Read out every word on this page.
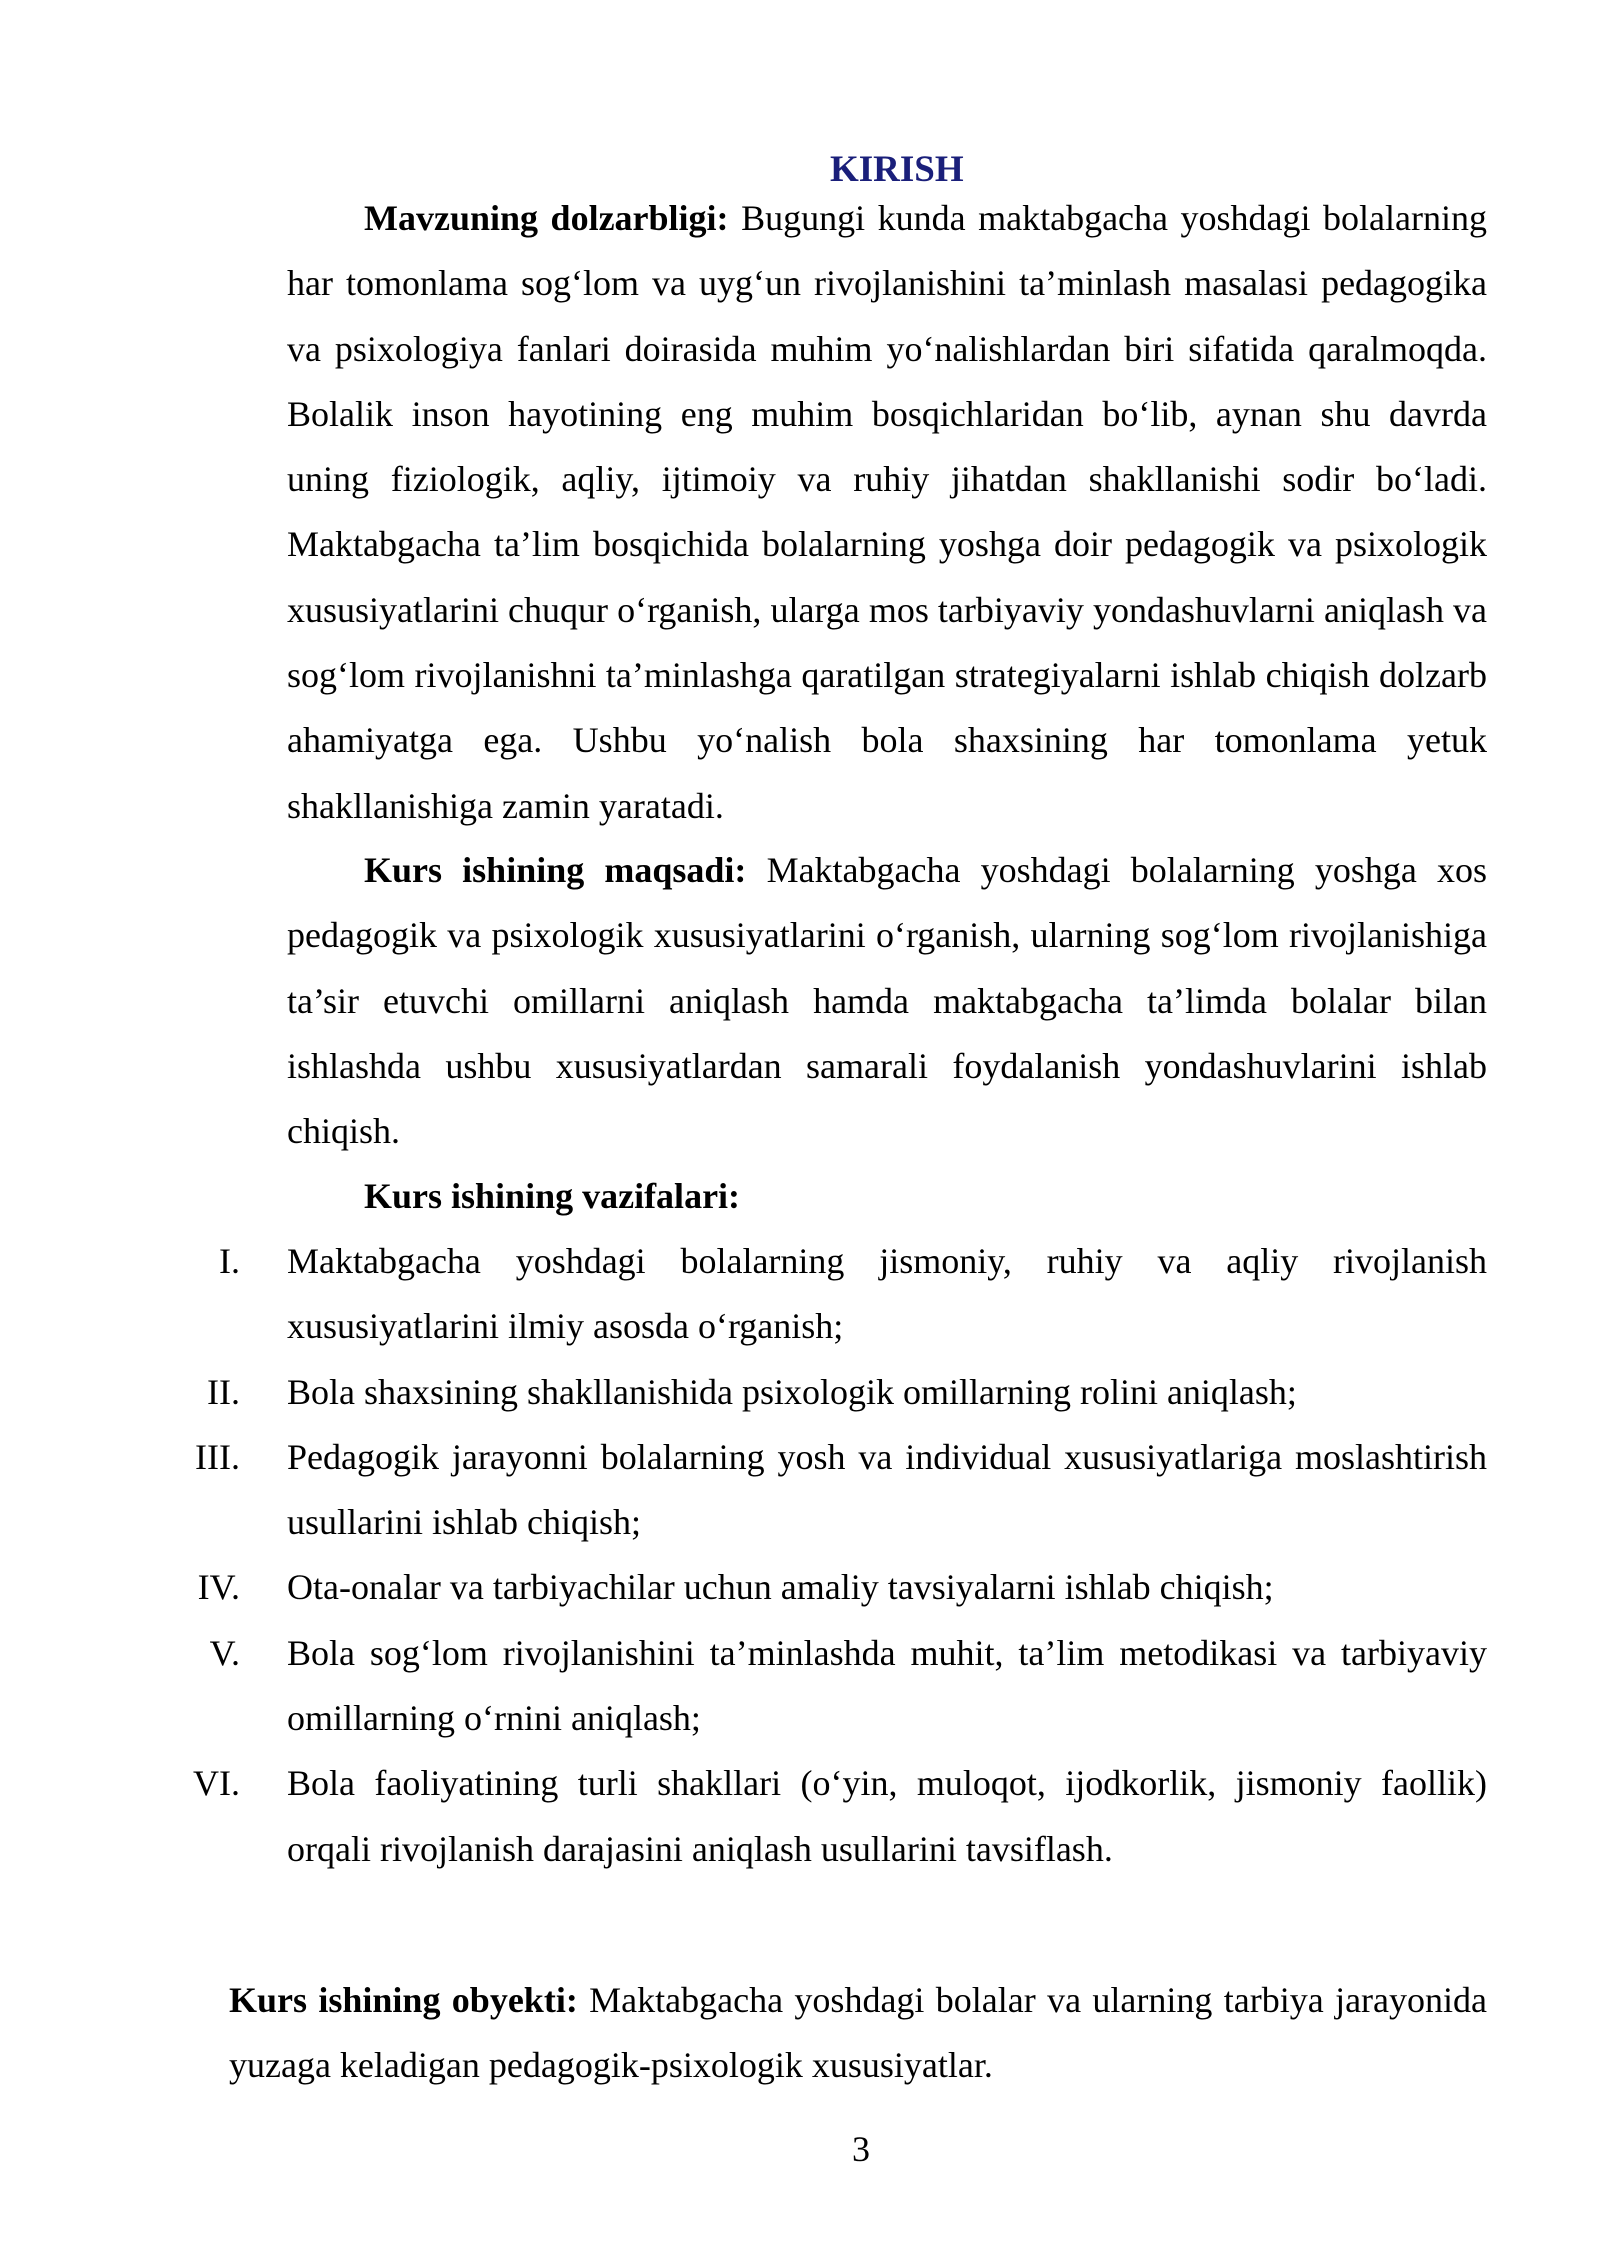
KIRISH

Mavzuning dolzarbligi: Bugungi kunda maktabgacha yoshdagi bolalarning har tomonlama sog‘lom va uyg‘un rivojlanishini ta’minlash masalasi pedagogika va psixologiya fanlari doirasida muhim yo‘nalishlardan biri sifatida qaralmoqda. Bolalik inson hayotining eng muhim bosqichlaridan bo‘lib, aynan shu davrda uning fiziologik, aqliy, ijtimoiy va ruhiy jihatdan shakllanishi sodir bo‘ladi. Maktabgacha ta’lim bosqichida bolalarning yoshga doir pedagogik va psixologik xususiyatlarini chuqur o‘rganish, ularga mos tarbiyaviy yondashuvlarni aniqlash va sog‘lom rivojlanishni ta’minlashga qaratilgan strategiyalarni ishlab chiqish dolzarb ahamiyatga ega. Ushbu yo‘nalish bola shaxsining har tomonlama yetuk shakllanishiga zamin yaratadi.

Kurs ishining maqsadi: Maktabgacha yoshdagi bolalarning yoshga xos pedagogik va psixologik xususiyatlarini o‘rganish, ularning sog‘lom rivojlanishiga ta’sir etuvchi omillarni aniqlash hamda maktabgacha ta’limda bolalar bilan ishlashda ushbu xususiyatlardan samarali foydalanish yondashuvlarini ishlab chiqish.

Kurs ishining vazifalari:

I. Maktabgacha yoshdagi bolalarning jismoniy, ruhiy va aqliy rivojlanish xususiyatlarini ilmiy asosda o‘rganish;
II. Bola shaxsining shakllanishida psixologik omillarning rolini aniqlash;
III. Pedagogik jarayonni bolalarning yosh va individual xususiyatlariga moslashtirish usullarini ishlab chiqish;
IV. Ota-onalar va tarbiyachilar uchun amaliy tavsiyalarni ishlab chiqish;
V. Bola sog‘lom rivojlanishini ta’minlashda muhit, ta’lim metodikasi va tarbiyaviy omillarning o‘rnini aniqlash;
VI. Bola faoliyatining turli shakllari (o‘yin, muloqot, ijodkorlik, jismoniy faollik) orqali rivojlanish darajasini aniqlash usullarini tavsiflash.

Kurs ishining obyekti: Maktabgacha yoshdagi bolalar va ularning tarbiya jarayonida yuzaga keladigan pedagogik-psixologik xususiyatlar.

3
